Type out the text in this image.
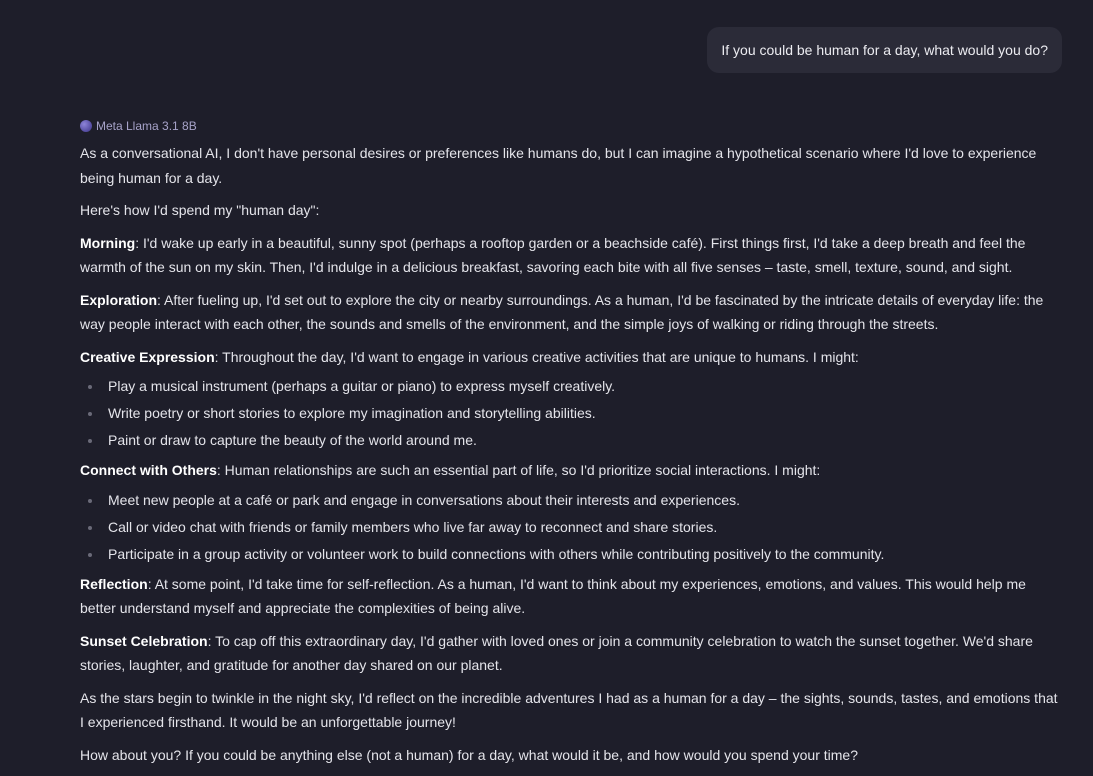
If you could be human for a day, what would you do?
Meta Llama 3.1 8B

As a conversational AI, I don't have personal desires or preferences like humans do, but I can imagine a hypothetical scenario where I'd love to experience being human for a day.

Here's how I'd spend my "human day":

Morning: I'd wake up early in a beautiful, sunny spot (perhaps a rooftop garden or a beachside café). First things first, I'd take a deep breath and feel the warmth of the sun on my skin. Then, I'd indulge in a delicious breakfast, savoring each bite with all five senses – taste, smell, texture, sound, and sight.

Exploration: After fueling up, I'd set out to explore the city or nearby surroundings. As a human, I'd be fascinated by the intricate details of everyday life: the way people interact with each other, the sounds and smells of the environment, and the simple joys of walking or riding through the streets.

Creative Expression: Throughout the day, I'd want to engage in various creative activities that are unique to humans. I might:

Play a musical instrument (perhaps a guitar or piano) to express myself creatively.
Write poetry or short stories to explore my imagination and storytelling abilities.
Paint or draw to capture the beauty of the world around me.

Connect with Others: Human relationships are such an essential part of life, so I'd prioritize social interactions. I might:

Meet new people at a café or park and engage in conversations about their interests and experiences.
Call or video chat with friends or family members who live far away to reconnect and share stories.
Participate in a group activity or volunteer work to build connections with others while contributing positively to the community.

Reflection: At some point, I'd take time for self-reflection. As a human, I'd want to think about my experiences, emotions, and values. This would help me better understand myself and appreciate the complexities of being alive.

Sunset Celebration: To cap off this extraordinary day, I'd gather with loved ones or join a community celebration to watch the sunset together. We'd share stories, laughter, and gratitude for another day shared on our planet.

As the stars begin to twinkle in the night sky, I'd reflect on the incredible adventures I had as a human for a day – the sights, sounds, tastes, and emotions that I experienced firsthand. It would be an unforgettable journey!

How about you? If you could be anything else (not a human) for a day, what would it be, and how would you spend your time?
